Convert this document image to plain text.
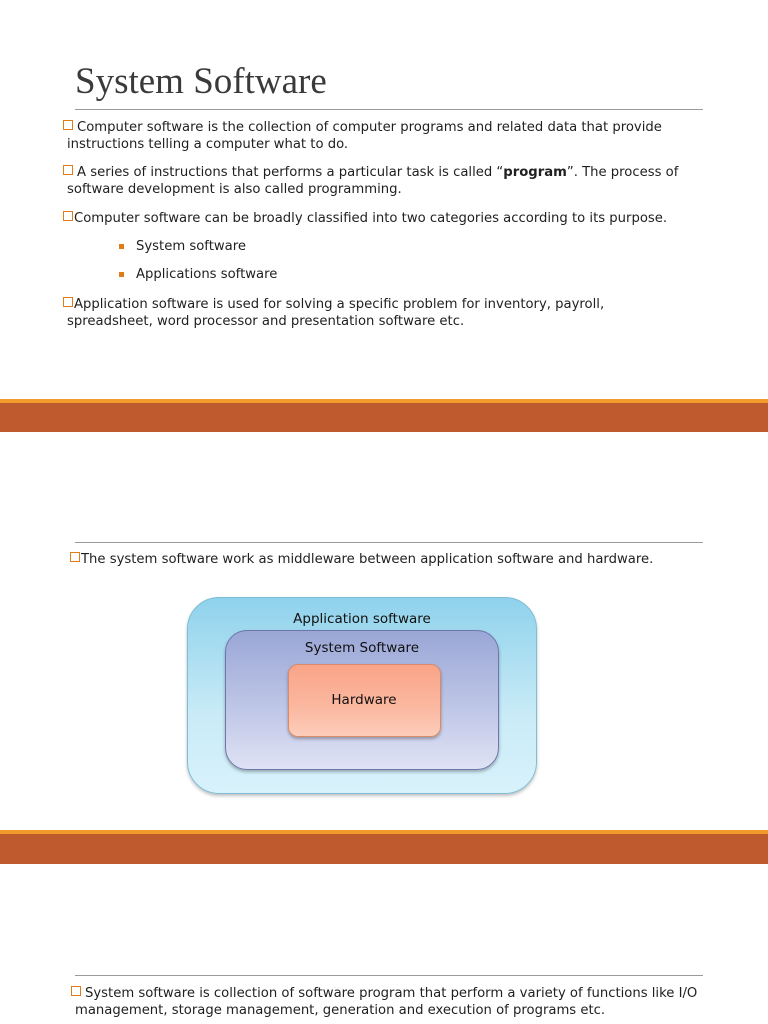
System Software
Computer software is the collection of computer programs and related data that provide
instructions telling a computer what to do.
A series of instructions that performs a particular task is called “program”. The process of
software development is also called programming.
Computer software can be broadly classified into two categories according to its purpose.
System software
Applications software
Application software is used for solving a specific problem for inventory, payroll,
spreadsheet, word processor and presentation software etc.
The system software work as middleware between application software and hardware.
Application software
System Software
Hardware
System software is collection of software program that perform a variety of functions like I/O
management, storage management, generation and execution of programs etc.
